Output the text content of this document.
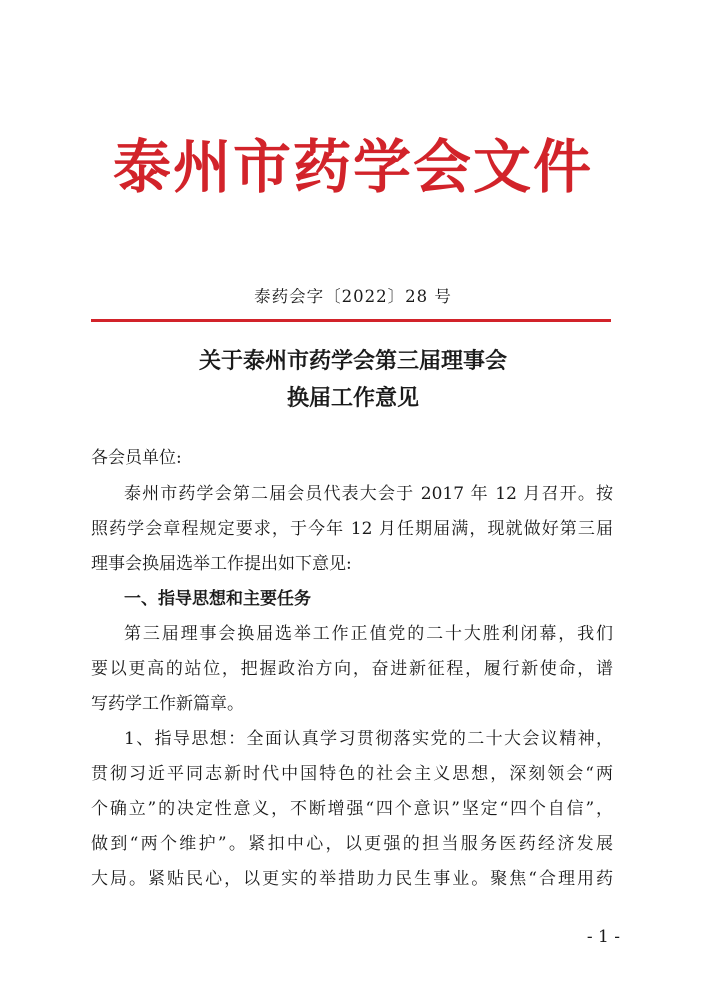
泰州市药学会文件
泰药会字〔2022〕28 号
关于泰州市药学会第三届理事会
换届工作意见
各会员单位:
泰州市药学会第二届会员代表大会于 2017 年 12 月召开。按
照药学会章程规定要求，于今年 12 月任期届满，现就做好第三届
理事会换届选举工作提出如下意见:
一、指导思想和主要任务
第三届理事会换届选举工作正值党的二十大胜利闭幕，我们
要以更高的站位，把握政治方向，奋进新征程，履行新使命，谱
写药学工作新篇章。
1、指导思想：全面认真学习贯彻落实党的二十大会议精神，
贯彻习近平同志新时代中国特色的社会主义思想，深刻领会“两
个确立”的决定性意义，不断增强“四个意识”坚定“四个自信”，
做到“两个维护”。紧扣中心，以更强的担当服务医药经济发展
大局。紧贴民心，以更实的举措助力民生事业。聚焦“合理用药
- 1 -
